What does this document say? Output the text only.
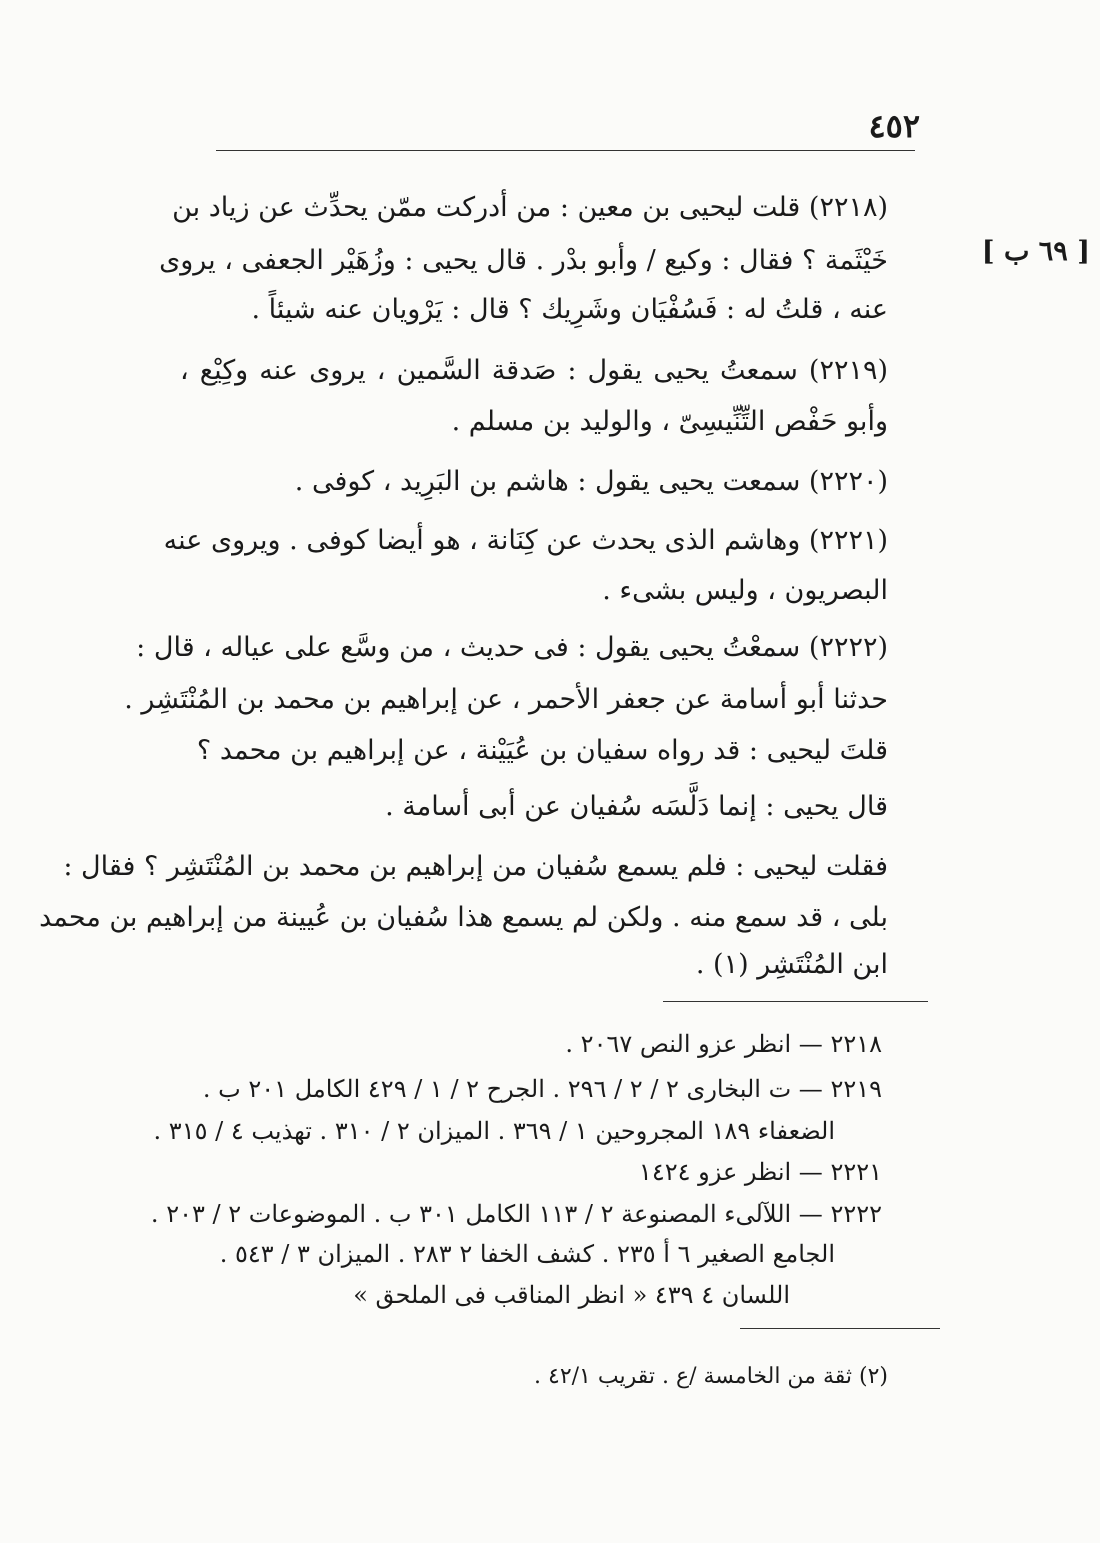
٤٥٢
[ ٦٩ ب ]
(٢٢١٨) قلت ليحيى بن معين : من أدركت ممّن يحدِّث عن زياد بن
خَيْثَمة ؟ فقال : وكيع / وأبو بدْر . قال يحيى : وزُهَيْر الجعفى ، يروى
عنه ، قلتُ له : فَسُفْيَان وشَرِيك ؟ قال : يَرْويان عنه شيئاً .
(٢٢١٩) سمعتُ يحيى يقول : صَدقة السَّمين ، يروى عنه وكِيْع ،
وأبو حَفْص التِّنِّيسِىّ ، والوليد بن مسلم .
(٢٢٢٠) سمعت يحيى يقول : هاشم بن البَرِيد ، كوفى .
(٢٢٢١) وهاشم الذى يحدث عن كِنَانة ، هو أيضا كوفى . ويروى عنه
البصريون ، وليس بشىء .
(٢٢٢٢) سمعْتُ يحيى يقول : فى حديث ، من وسَّع على عياله ، قال :
حدثنا أبو أسامة عن جعفر الأحمر ، عن إبراهيم بن محمد بن المُنْتَشِر .
قلتَ ليحيى : قد رواه سفيان بن عُيَيْنة ، عن إبراهيم بن محمد ؟
قال يحيى : إنما دَلَّسَه سُفيان عن أبى أسامة .
فقلت ليحيى : فلم يسمع سُفيان من إبراهيم بن محمد بن المُنْتَشِر ؟ فقال :
بلى ، قد سمع منه . ولكن لم يسمع هذا سُفيان بن عُيينة من إبراهيم بن محمد
ابن المُنْتَشِر (١) .
٢٢١٨ — انظر عزو النص ٢٠٦٧ .
٢٢١٩ — ت البخارى ٢ / ٢ / ٢٩٦ . الجرح ٢ / ١ / ٤٢٩ الكامل ٢٠١ ب .
الضعفاء ١٨٩ المجروحين ١ / ٣٦٩ . الميزان ٢ / ٣١٠ . تهذيب ٤ / ٣١٥ .
٢٢٢١ — انظر عزو ١٤٢٤
٢٢٢٢ — اللآلىء المصنوعة ٢ / ١١٣ الكامل ٣٠١ ب . الموضوعات ٢ / ٢٠٣ .
الجامع الصغير ٦ أ ٢٣٥ . كشف الخفا ٢ ٢٨٣ . الميزان ٣ / ٥٤٣ .
اللسان ٤ ٤٣٩ « انظر المناقب فى الملحق »
(٢) ثقة من الخامسة /ع . تقريب ٤٢/١ .
